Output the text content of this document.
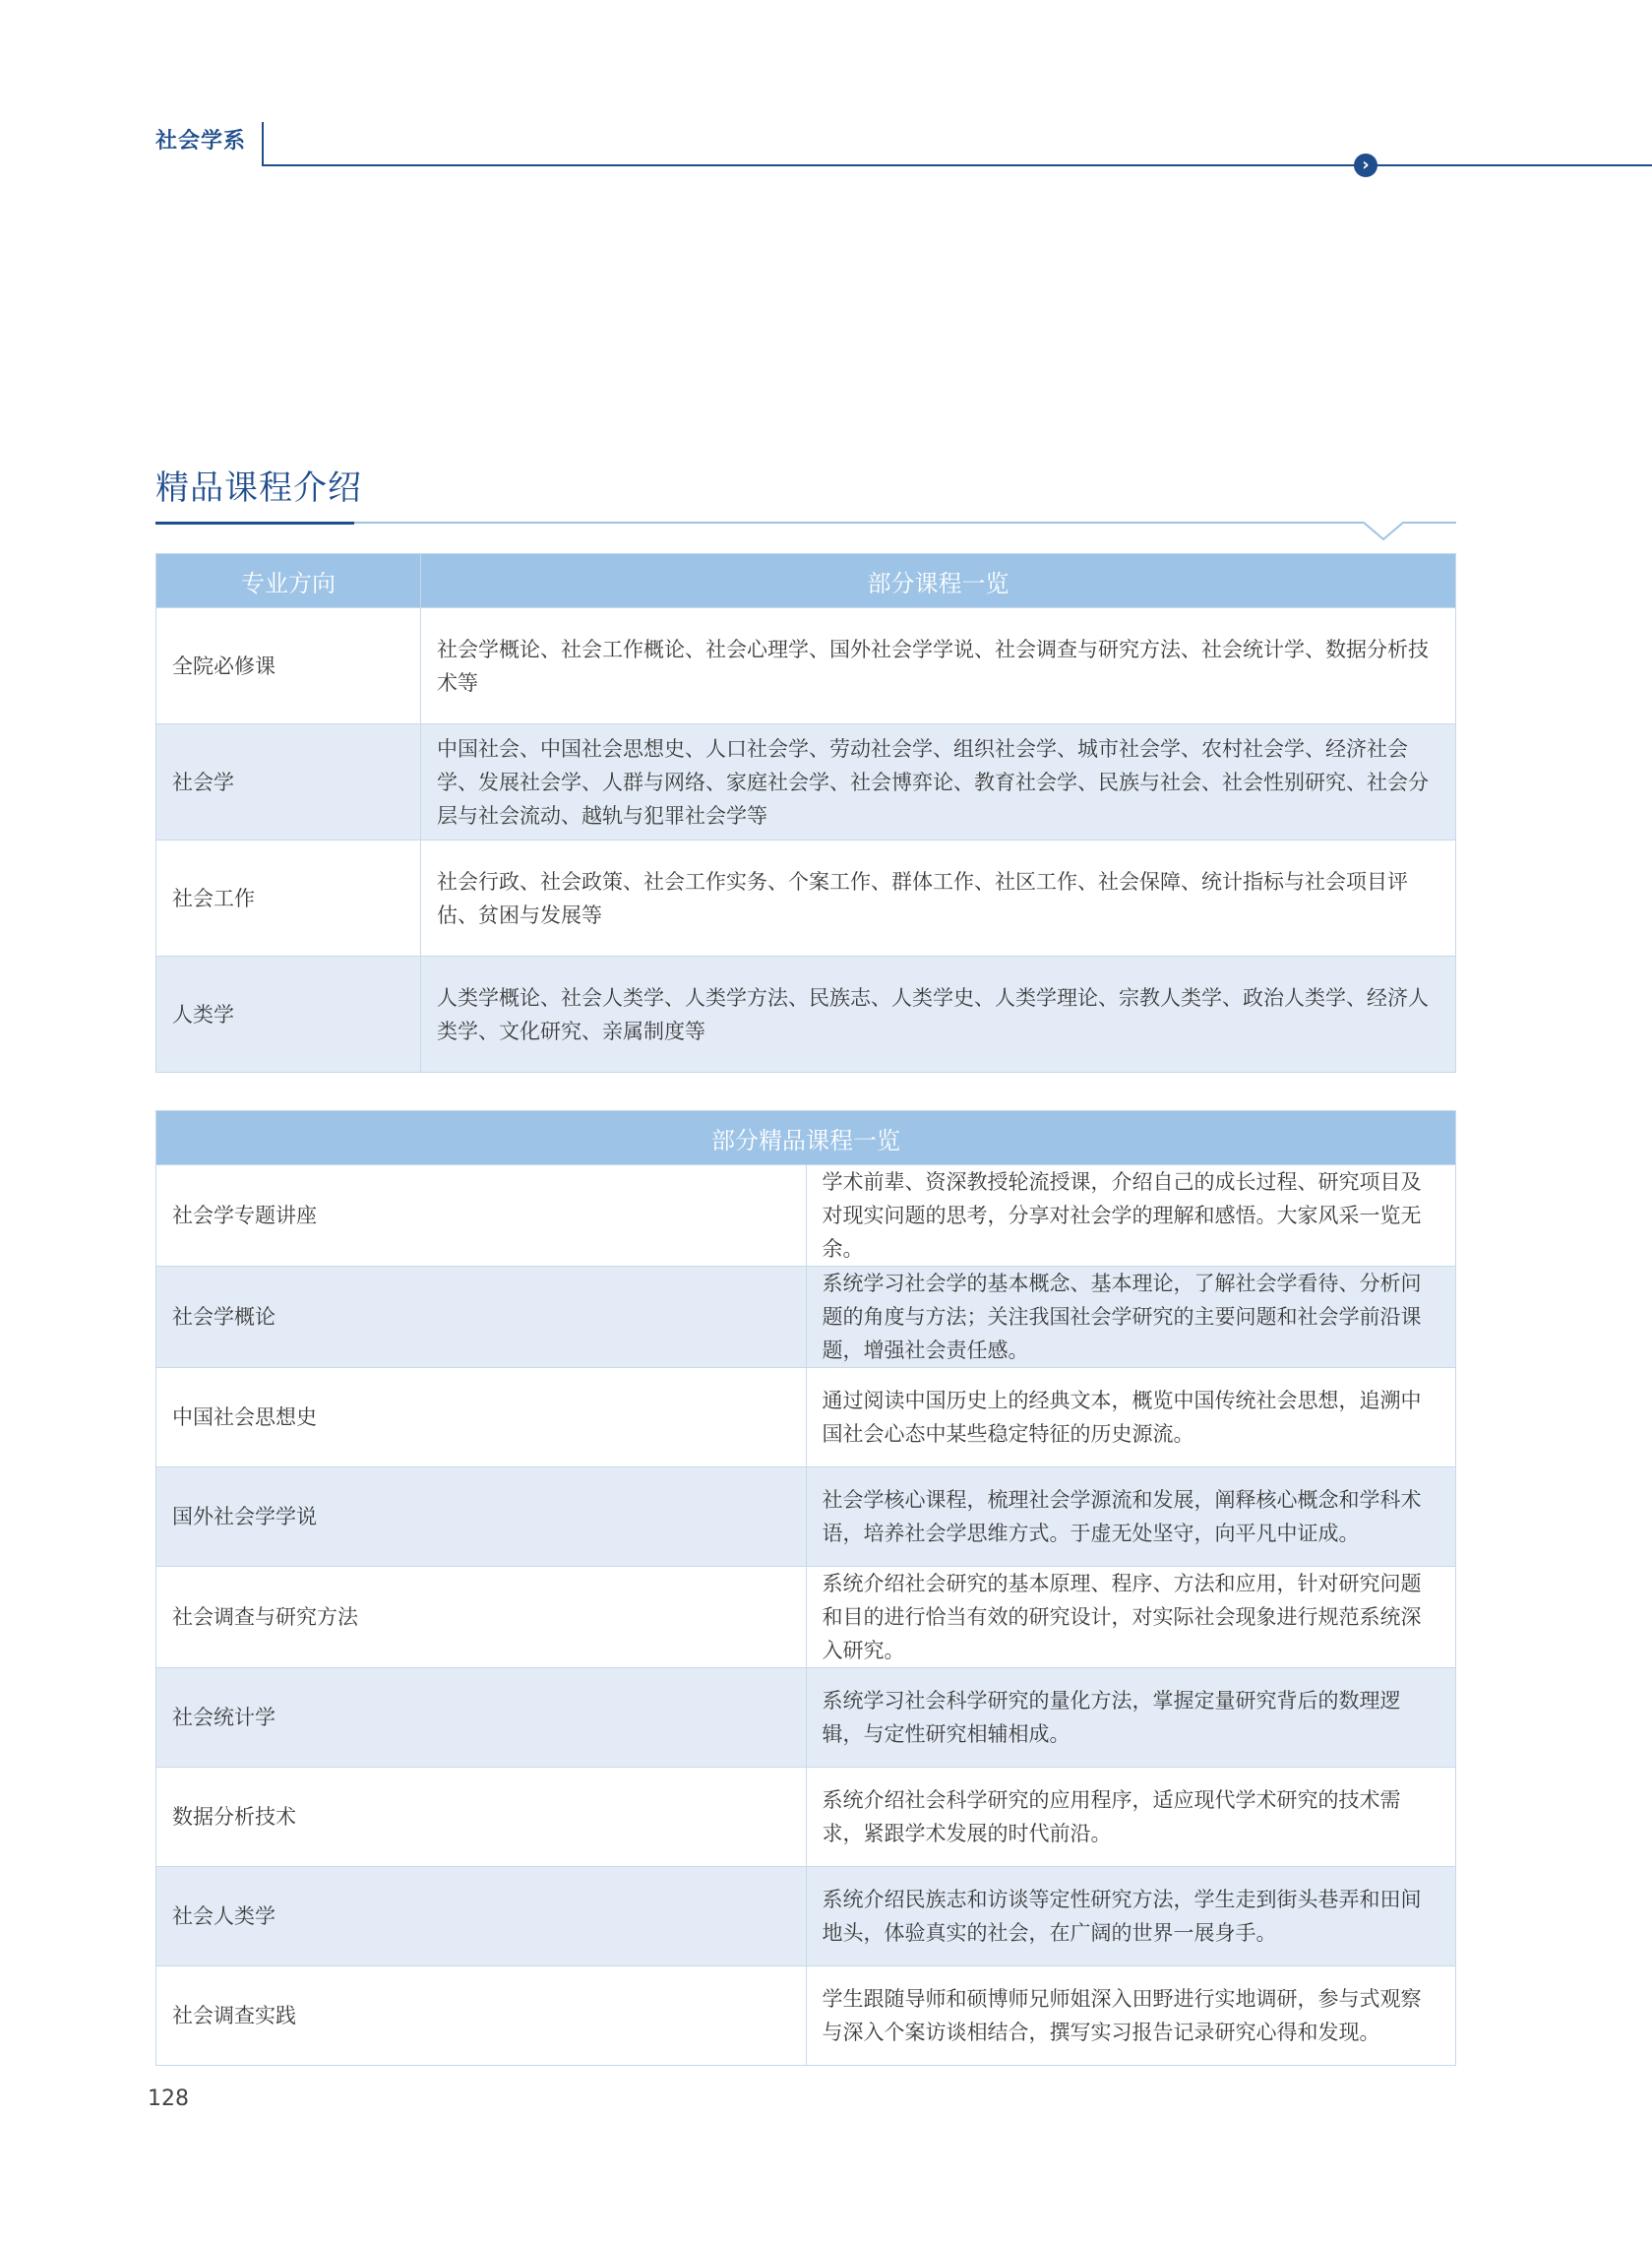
社会学系
›
精品课程介绍
专业方向	部分课程一览
全院必修课	社会学概论、社会工作概论、社会心理学、国外社会学学说、社会调查与研究方法、社会统计学、数据分析技术等
社会学	中国社会、中国社会思想史、人口社会学、劳动社会学、组织社会学、城市社会学、农村社会学、经济社会学、发展社会学、人群与网络、家庭社会学、社会博弈论、教育社会学、民族与社会、社会性别研究、社会分层与社会流动、越轨与犯罪社会学等
社会工作	社会行政、社会政策、社会工作实务、个案工作、群体工作、社区工作、社会保障、统计指标与社会项目评估、贫困与发展等
人类学	人类学概论、社会人类学、人类学方法、民族志、人类学史、人类学理论、宗教人类学、政治人类学、经济人类学、文化研究、亲属制度等
部分精品课程一览	
社会学专题讲座	学术前辈、资深教授轮流授课，介绍自己的成长过程、研究项目及对现实问题的思考，分享对社会学的理解和感悟。大家风采一览无余。
社会学概论	系统学习社会学的基本概念、基本理论，了解社会学看待、分析问题的角度与方法；关注我国社会学研究的主要问题和社会学前沿课题，增强社会责任感。
中国社会思想史	通过阅读中国历史上的经典文本，概览中国传统社会思想，追溯中国社会心态中某些稳定特征的历史源流。
国外社会学学说	社会学核心课程，梳理社会学源流和发展，阐释核心概念和学科术语，培养社会学思维方式。于虚无处坚守，向平凡中证成。
社会调查与研究方法	系统介绍社会研究的基本原理、程序、方法和应用，针对研究问题和目的进行恰当有效的研究设计，对实际社会现象进行规范系统深入研究。
社会统计学	系统学习社会科学研究的量化方法，掌握定量研究背后的数理逻辑，与定性研究相辅相成。
数据分析技术	系统介绍社会科学研究的应用程序，适应现代学术研究的技术需求，紧跟学术发展的时代前沿。
社会人类学	系统介绍民族志和访谈等定性研究方法，学生走到街头巷弄和田间地头，体验真实的社会，在广阔的世界一展身手。
社会调查实践	学生跟随导师和硕博师兄师姐深入田野进行实地调研，参与式观察与深入个案访谈相结合，撰写实习报告记录研究心得和发现。
128
